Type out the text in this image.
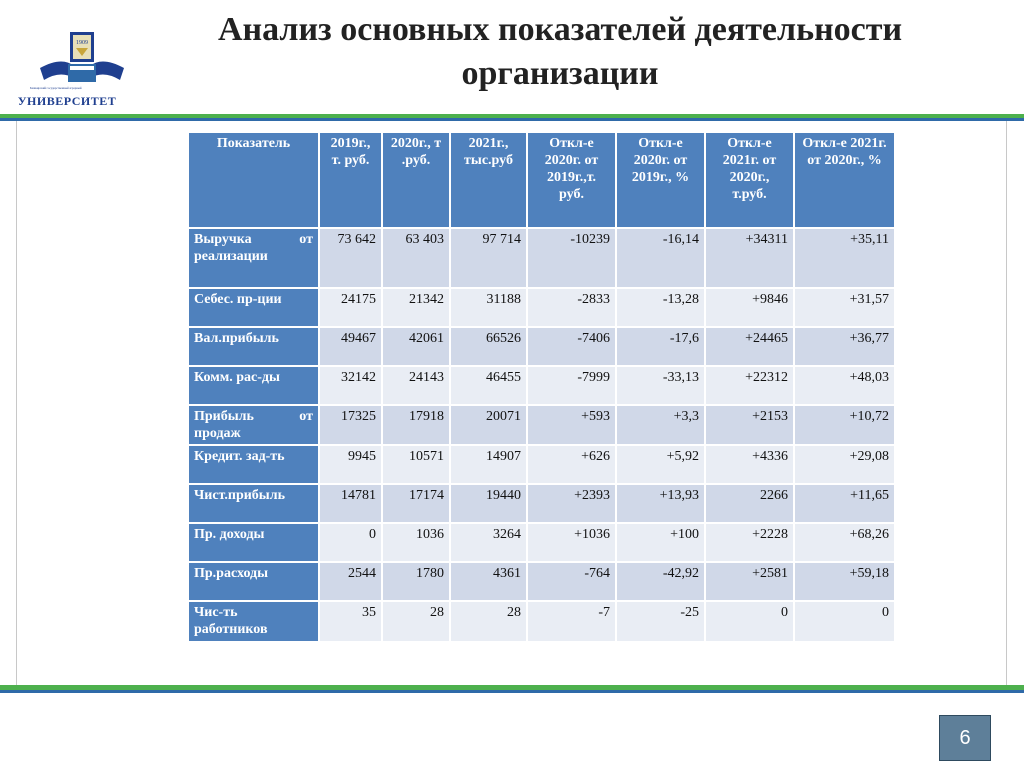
1909
Башкирский государственный аграрный
УНИВЕРСИТЕТ
Анализ основных показателей деятельности организации
Показатель	2019г., т. руб.	2020г., т .руб.	2021г., тыс.руб	Откл-е 2020г. от 2019г.,т. руб.	Откл-е 2020г. от 2019г., %	Откл-е 2021г. от 2020г., т.руб.	Откл-е 2021г. от 2020г., %
Выручка от реализации	73 642	63 403	97 714	-10239	-16,14	+34311	+35,11
Себес. пр-ции	24175	21342	31188	-2833	-13,28	+9846	+31,57
Вал.прибыль	49467	42061	66526	-7406	-17,6	+24465	+36,77
Комм. рас-ды	32142	24143	46455	-7999	-33,13	+22312	+48,03
Прибыль от продаж	17325	17918	20071	+593	+3,3	+2153	+10,72
Кредит. зад-ть	9945	10571	14907	+626	+5,92	+4336	+29,08
Чист.прибыль	14781	17174	19440	+2393	+13,93	2266	+11,65
Пр. доходы	0	1036	3264	+1036	+100	+2228	+68,26
Пр.расходы	2544	1780	4361	-764	-42,92	+2581	+59,18
Чис-ть работников	35	28	28	-7	-25	0	0
6
